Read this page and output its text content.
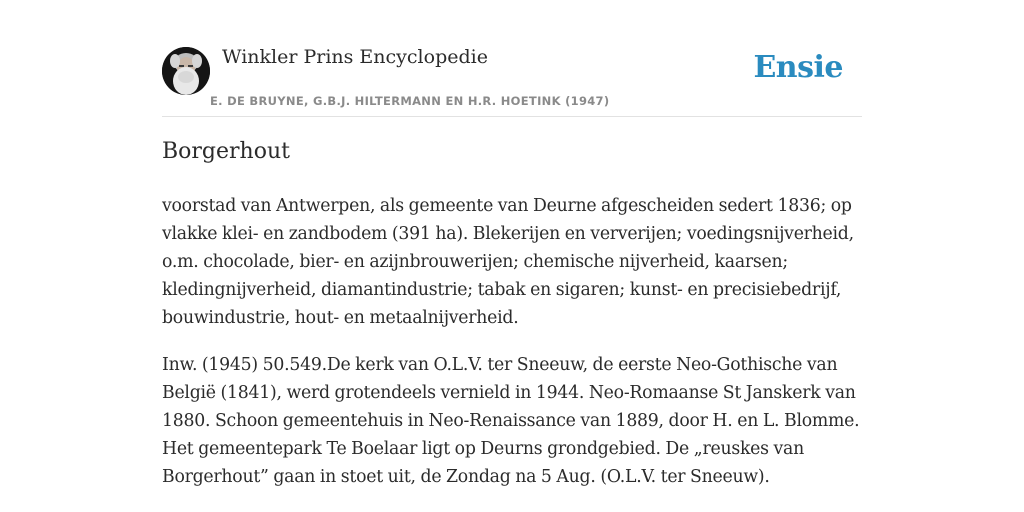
Winkler Prins Encyclopedie
E. DE BRUYNE, G.B.J. HILTERMANN EN H.R. HOETINK (1947)
Ensie
Borgerhout

voorstad van Antwerpen, als gemeente van Deurne afgescheiden sedert 1836; op vlakke klei- en zandbodem (391 ha). Blekerijen en ververijen; voedingsnijverheid, o.m. chocolade, bier- en azijnbrouwerijen; chemische nijverheid, kaarsen; kledingnijverheid, diamantindustrie; tabak en sigaren; kunst- en precisiebedrijf, bouwindustrie, hout- en metaalnijverheid.

Inw. (1945) 50.549.De kerk van O.L.V. ter Sneeuw, de eerste Neo-Gothische van België (1841), werd grotendeels vernield in 1944. Neo-Romaanse St Janskerk van 1880. Schoon gemeentehuis in Neo-Renaissance van 1889, door H. en L. Blomme. Het gemeentepark Te Boelaar ligt op Deurns grondgebied. De „reuskes van Borgerhout” gaan in stoet uit, de Zondag na 5 Aug. (O.L.V. ter Sneeuw).
